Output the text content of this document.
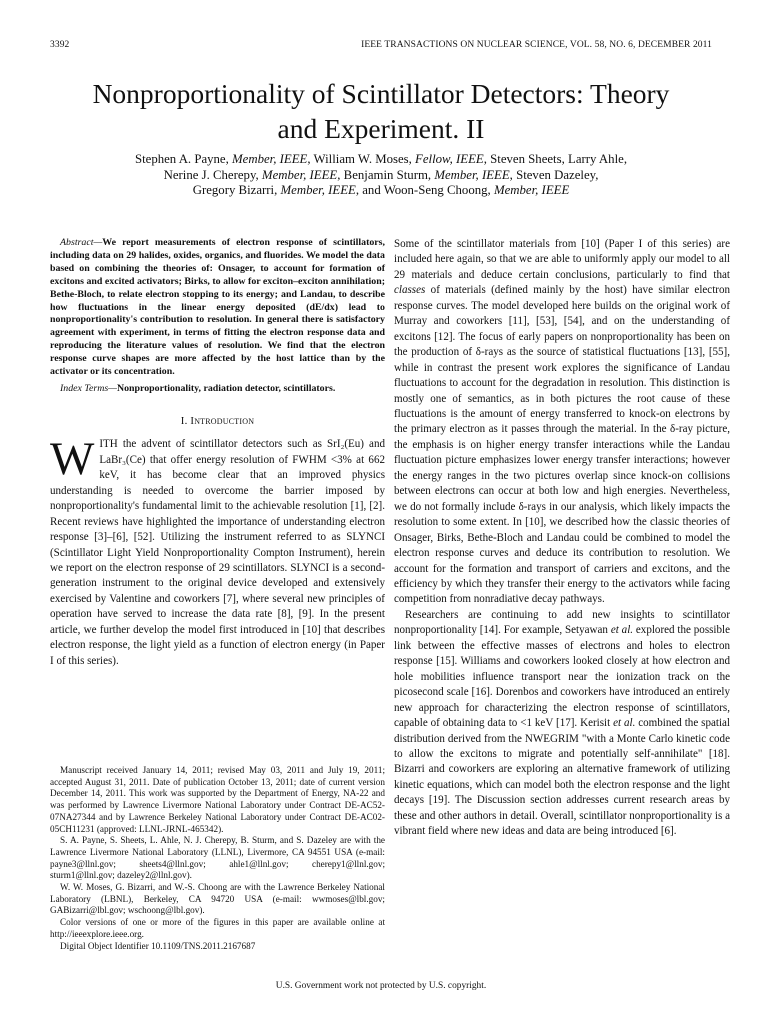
3392	IEEE TRANSACTIONS ON NUCLEAR SCIENCE, VOL. 58, NO. 6, DECEMBER 2011
Nonproportionality of Scintillator Detectors: Theory
and Experiment. II
Stephen A. Payne, Member, IEEE, William W. Moses, Fellow, IEEE, Steven Sheets, Larry Ahle,
Nerine J. Cherepy, Member, IEEE, Benjamin Sturm, Member, IEEE, Steven Dazeley,
Gregory Bizarri, Member, IEEE, and Woon-Seng Choong, Member, IEEE

Abstract—We report measurements of electron response of scintillators, including data on 29 halides, oxides, organics, and fluorides. We model the data based on combining the theories of: Onsager, to account for formation of excitons and excited activators; Birks, to allow for exciton–exciton annihilation; Bethe-Bloch, to relate electron stopping to its energy; and Landau, to describe how fluctuations in the linear energy deposited (dE/dx) lead to nonproportionality's contribution to resolution. In general there is satisfactory agreement with experiment, in terms of fitting the electron response data and reproducing the literature values of resolution. We find that the electron response curve shapes are more affected by the host lattice than by the activator or its concentration.

Index Terms—Nonproportionality, radiation detector, scintillators.

I. Introduction
WITH the advent of scintillator detectors such as SrI₂(Eu) and LaBr₃(Ce) that offer energy resolution of FWHM <3% at 662 keV, it has become clear that an improved physics understanding is needed to overcome the barrier imposed by nonproportionality's fundamental limit to the achievable resolution [1], [2]. Recent reviews have highlighted the importance of understanding electron response [3]–[6], [52]. Utilizing the instrument referred to as SLYNCI (Scintillator Light Yield Nonproportionality Compton Instrument), herein we report on the electron response of 29 scintillators. SLYNCI is a second-generation instrument to the original device developed and extensively exercised by Valentine and coworkers [7], where several new principles of operation have served to increase the data rate [8], [9]. In the present article, we further develop the model first introduced in [10] that describes electron response, the light yield as a function of electron energy (in Paper I of this series).

Manuscript received January 14, 2011; revised May 03, 2011 and July 19, 2011; accepted August 31, 2011. Date of publication October 13, 2011; date of current version December 14, 2011. This work was supported by the Department of Energy, NA-22 and was performed by Lawrence Livermore National Laboratory under Contract DE-AC52-07NA27344 and by Lawrence Berkeley National Laboratory under Contract DE-AC02-05CH11231 (approved: LLNL-JRNL-465342).

S. A. Payne, S. Sheets, L. Ahle, N. J. Cherepy, B. Sturm, and S. Dazeley are with the Lawrence Livermore National Laboratory (LLNL), Livermore, CA 94551 USA (e-mail: payne3@llnl.gov; sheets4@llnl.gov; ahle1@llnl.gov; cherepy1@llnl.gov; sturm1@llnl.gov; dazeley2@llnl.gov).

W. W. Moses, G. Bizarri, and W.-S. Choong are with the Lawrence Berkeley National Laboratory (LBNL), Berkeley, CA 94720 USA (e-mail: wwmoses@lbl.gov; GABizarri@lbl.gov; wschoong@lbl.gov).

Color versions of one or more of the figures in this paper are available online at http://ieeexplore.ieee.org.

Digital Object Identifier 10.1109/TNS.2011.2167687

Some of the scintillator materials from [10] (Paper I of this series) are included here again, so that we are able to uniformly apply our model to all 29 materials and deduce certain conclusions, particularly to find that classes of materials (defined mainly by the host) have similar electron response curves. The model developed here builds on the original work of Murray and coworkers [11], [53], [54], and on the understanding of excitons [12]. The focus of early papers on nonproportionality has been on the production of δ-rays as the source of statistical fluctuations [13], [55], while in contrast the present work explores the significance of Landau fluctuations to account for the degradation in resolution. This distinction is mostly one of semantics, as in both pictures the root cause of these fluctuations is the amount of energy transferred to knock-on electrons by the primary electron as it passes through the material. In the δ-ray picture, the emphasis is on higher energy transfer interactions while the Landau fluctuation picture emphasizes lower energy transfer interactions; however the energy ranges in the two pictures overlap since knock-on collisions between electrons can occur at both low and high energies. Nevertheless, we do not formally include δ-rays in our analysis, which likely impacts the resolution to some extent. In [10], we described how the classic theories of Onsager, Birks, Bethe-Bloch and Landau could be combined to model the electron response curves and deduce its contribution to resolution. We account for the formation and transport of carriers and excitons, and the efficiency by which they transfer their energy to the activators while facing competition from nonradiative decay pathways.

Researchers are continuing to add new insights to scintillator nonproportionality [14]. For example, Setyawan et al. explored the possible link between the effective masses of electrons and holes to electron response [15]. Williams and coworkers looked closely at how electron and hole mobilities influence transport near the ionization track on the picosecond scale [16]. Dorenbos and coworkers have introduced an entirely new approach for characterizing the electron response of scintillators, capable of obtaining data to <1 keV [17]. Kerisit et al. combined the spatial distribution derived from the NWEGRIM "with a Monte Carlo kinetic code to allow the excitons to migrate and potentially self-annihilate" [18]. Bizarri and coworkers are exploring an alternative framework of utilizing kinetic equations, which can model both the electron response and the light decays [19]. The Discussion section addresses current research areas by these and other authors in detail. Overall, scintillator nonproportionality is a vibrant field where new ideas and data are being introduced [6].

U.S. Government work not protected by U.S. copyright.
